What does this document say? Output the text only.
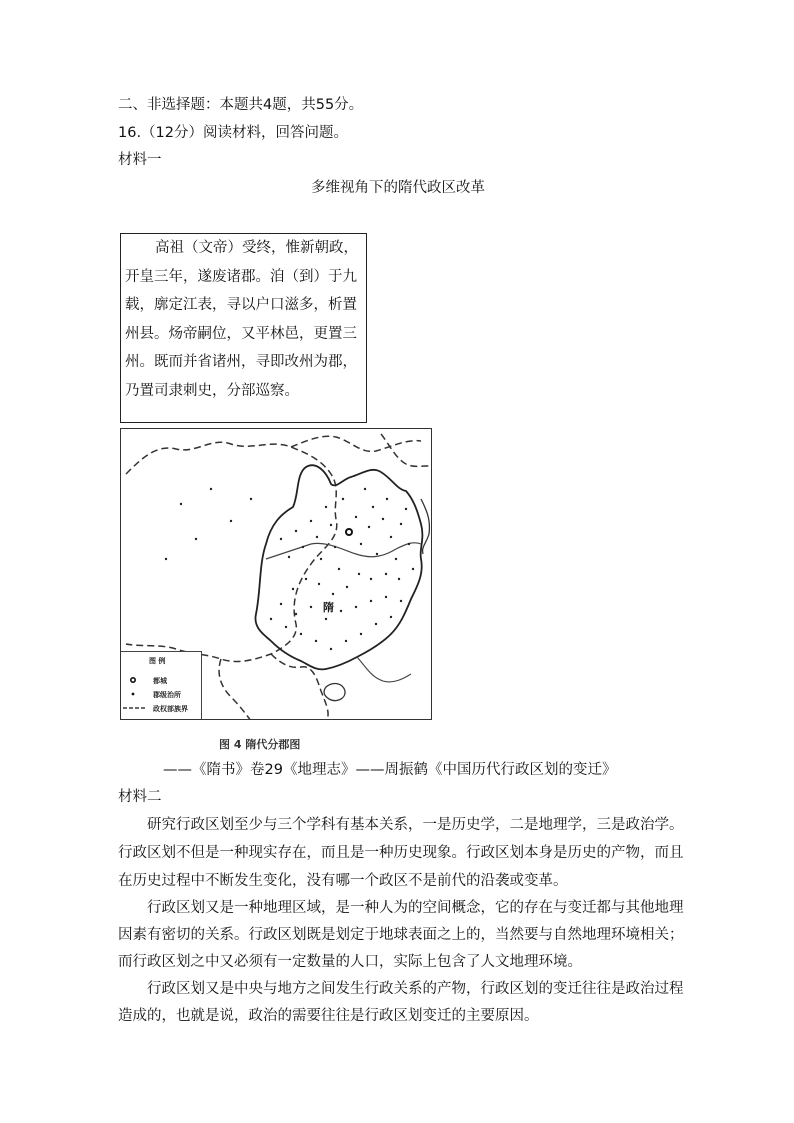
二、非选择题：本题共4题，共55分。
16.（12分）阅读材料，回答问题。
材料一
多维视角下的隋代政区改革
高祖（文帝）受终，惟新朝政，
开皇三年，遂废诸郡。洎（到）于九
载，廓定江表，寻以户口滋多，析置
州县。炀帝嗣位，又平林邑，更置三
州。既而并省诸州，寻即改州为郡，
乃置司隶刺史，分部巡察。
隋
图 例
都城
郡级治所
政权部族界
图 4 隋代分郡图
——《隋书》卷29《地理志》——周振鹤《中国历代行政区划的变迁》
材料二
研究行政区划至少与三个学科有基本关系，一是历史学，二是地理学，三是政治学。
行政区划不但是一种现实存在，而且是一种历史现象。行政区划本身是历史的产物，而且
在历史过程中不断发生变化，没有哪一个政区不是前代的沿袭或变革。
行政区划又是一种地理区域，是一种人为的空间概念，它的存在与变迁都与其他地理
因素有密切的关系。行政区划既是划定于地球表面之上的，当然要与自然地理环境相关；
而行政区划之中又必须有一定数量的人口，实际上包含了人文地理环境。
行政区划又是中央与地方之间发生行政关系的产物，行政区划的变迁往往是政治过程
造成的，也就是说，政治的需要往往是行政区划变迁的主要原因。
